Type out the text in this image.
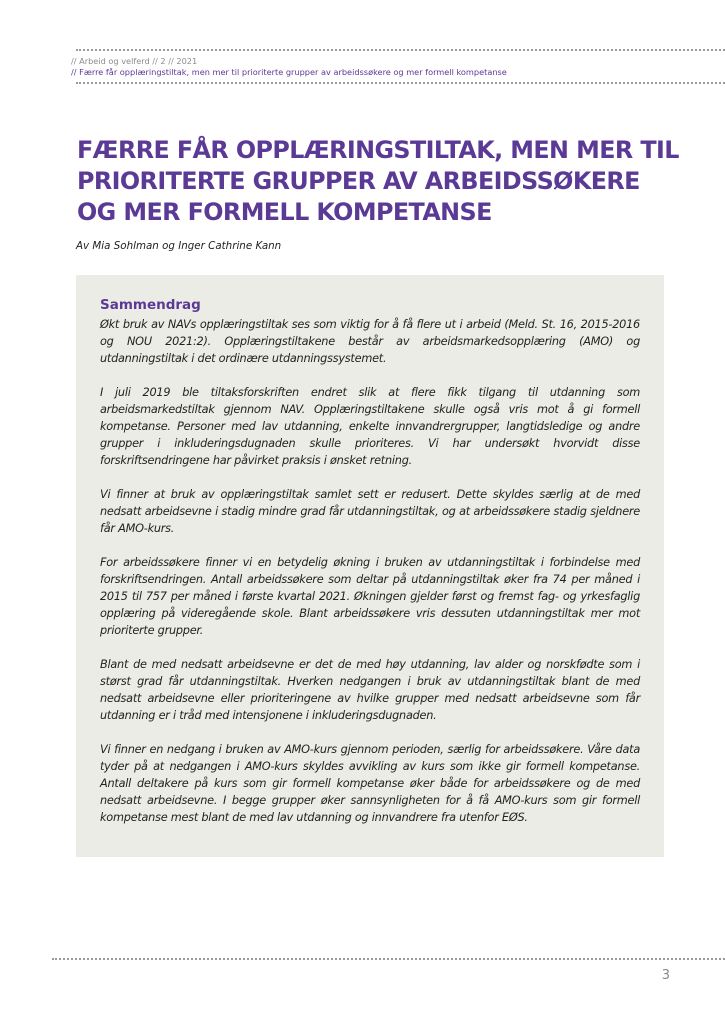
// Arbeid og velferd // 2 // 2021
// Færre får opplæringstiltak, men mer til prioriterte grupper av arbeidssøkere og mer formell kompetanse
FÆRRE FÅR OPPLÆRINGSTILTAK, MEN MER TIL
PRIORITERTE GRUPPER AV ARBEIDSSØKERE
OG MER FORMELL KOMPETANSE
Av Mia Sohlman og Inger Cathrine Kann
Sammendrag

Økt bruk av NAVs opplæringstiltak ses som viktig for å få flere ut i arbeid (Meld. St. 16, 2015-2016 og NOU 2021:2). Opplæringstiltakene består av arbeidsmarkedsopplæring (AMO) og utdanningstiltak i det ordinære utdanningssystemet.

I juli 2019 ble tiltaksforskriften endret slik at flere fikk tilgang til utdanning som arbeidsmarkedstiltak gjennom NAV. Opplæringstiltakene skulle også vris mot å gi formell kompetanse. Personer med lav utdanning, enkelte innvandrergrupper, langtidsledige og andre grupper i inkluderingsdugnaden skulle prioriteres. Vi har undersøkt hvorvidt disse forskriftsendringene har påvirket praksis i ønsket retning.

Vi finner at bruk av opplæringstiltak samlet sett er redusert. Dette skyldes særlig at de med nedsatt arbeidsevne i stadig mindre grad får utdanningstiltak, og at arbeidssøkere stadig sjeldnere får AMO-kurs.

For arbeidssøkere finner vi en betydelig økning i bruken av utdanningstiltak i forbindelse med forskriftsendringen. Antall arbeidssøkere som deltar på utdanningstiltak øker fra 74 per måned i 2015 til 757 per måned i første kvartal 2021. Økningen gjelder først og fremst fag- og yrkesfaglig opplæring på videregående skole. Blant arbeidssøkere vris dessuten utdanningstiltak mer mot prioriterte grupper.

Blant de med nedsatt arbeidsevne er det de med høy utdanning, lav alder og norskfødte som i størst grad får utdanningstiltak. Hverken nedgangen i bruk av utdanningstiltak blant de med nedsatt arbeidsevne eller prioriteringene av hvilke grupper med nedsatt arbeidsevne som får utdanning er i tråd med intensjonene i inkluderingsdugnaden.

Vi finner en nedgang i bruken av AMO-kurs gjennom perioden, særlig for arbeidssøkere. Våre data tyder på at nedgangen i AMO-kurs skyldes avvikling av kurs som ikke gir formell kompetanse. Antall deltakere på kurs som gir formell kompetanse øker både for arbeidssøkere og de med nedsatt arbeidsevne. I begge grupper øker sannsynligheten for å få AMO-kurs som gir formell kompetanse mest blant de med lav utdanning og innvandrere fra utenfor EØS.

3
